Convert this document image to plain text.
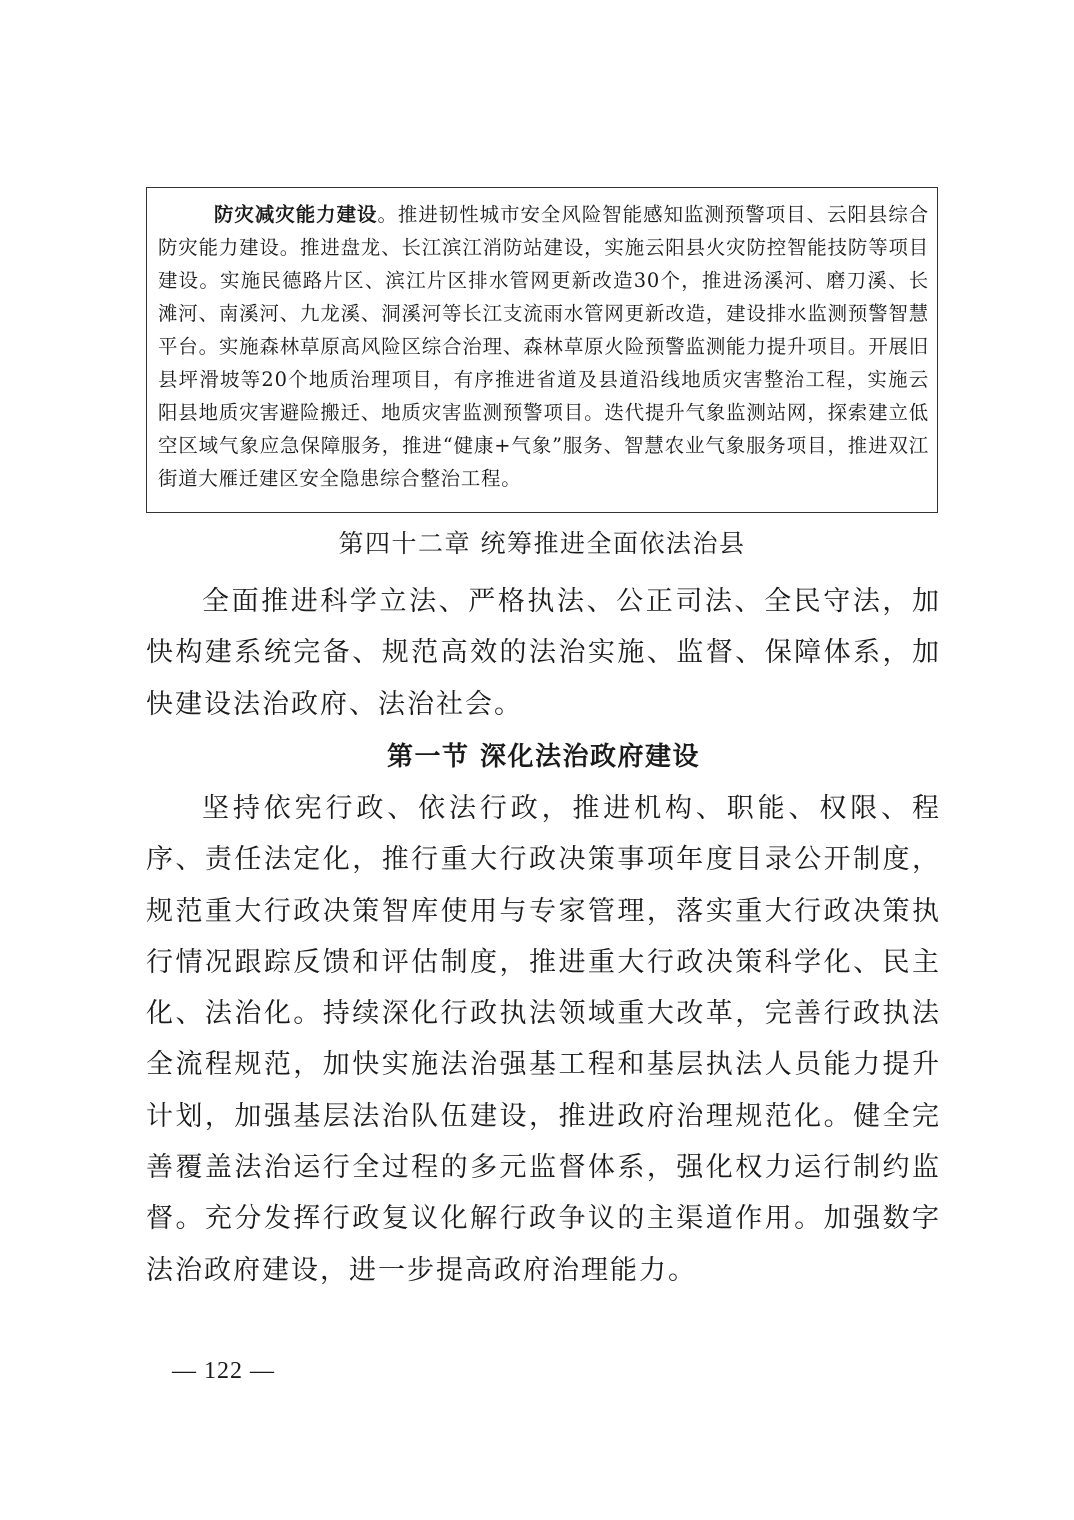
防灾减灾能力建设。推进韧性城市安全风险智能感知监测预警项目、云阳县综合防灾能力建设。推进盘龙、长江滨江消防站建设，实施云阳县火灾防控智能技防等项目建设。实施民德路片区、滨江片区排水管网更新改造30个，推进汤溪河、磨刀溪、长滩河、南溪河、九龙溪、洞溪河等长江支流雨水管网更新改造，建设排水监测预警智慧平台。实施森林草原高风险区综合治理、森林草原火险预警监测能力提升项目。开展旧县坪滑坡等20个地质治理项目，有序推进省道及县道沿线地质灾害整治工程，实施云阳县地质灾害避险搬迁、地质灾害监测预警项目。迭代提升气象监测站网，探索建立低空区域气象应急保障服务，推进“健康+气象”服务、智慧农业气象服务项目，推进双江街道大雁迁建区安全隐患综合整治工程。
第四十二章 统筹推进全面依法治县

全面推进科学立法、严格执法、公正司法、全民守法，加快构建系统完备、规范高效的法治实施、监督、保障体系，加快建设法治政府、法治社会。

第一节 深化法治政府建设

坚持依宪行政、依法行政，推进机构、职能、权限、程序、责任法定化，推行重大行政决策事项年度目录公开制度，规范重大行政决策智库使用与专家管理，落实重大行政决策执行情况跟踪反馈和评估制度，推进重大行政决策科学化、民主化、法治化。持续深化行政执法领域重大改革，完善行政执法全流程规范，加快实施法治强基工程和基层执法人员能力提升计划，加强基层法治队伍建设，推进政府治理规范化。健全完善覆盖法治运行全过程的多元监督体系，强化权力运行制约监督。充分发挥行政复议化解行政争议的主渠道作用。加强数字法治政府建设，进一步提高政府治理能力。

— 122 —
